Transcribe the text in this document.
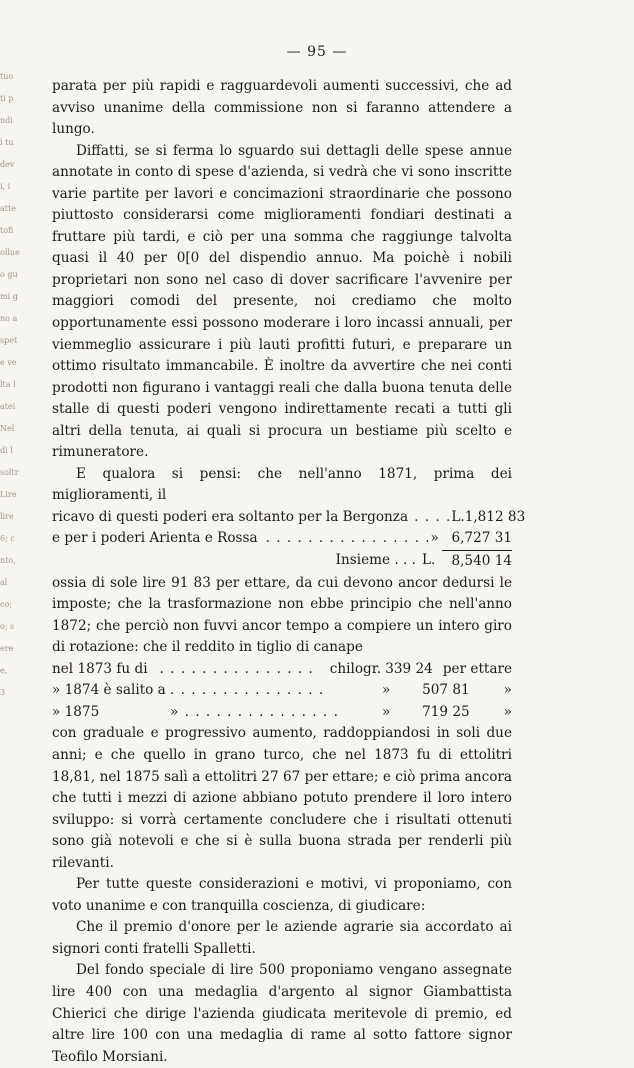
tuo
ti p
ndi
ì tu
dev
i, i
atte
tofi
ollue
o gu
mi g
no a
spet
e ve
lta l
atei
Nel
di l
soltr
Lire
lire
6; c
nto,
al
co;
o; s
ere
e,
3
— 95 —

parata per più rapidi e ragguardevoli aumenti successivi, che ad avviso unanime della commissione non si faranno attendere a lungo.

Diffatti, se si ferma lo sguardo sui dettagli delle spese annue annotate in conto di spese d'azienda, si vedrà che vi sono inscritte varie partite per lavori e concimazioni straordinarie che possono piuttosto considerarsi come miglioramenti fondiari destinati a fruttare più tardi, e ciò per una somma che raggiunge talvolta quasi il 40 per 0[0 del dispendio annuo. Ma poichè i nobili proprietari non sono nel caso di dover sacrificare l'avvenire per maggiori comodi del presente, noi crediamo che molto opportunamente essi possono moderare i loro incassi annuali, per viemmeglio assicurare i più lauti profitti futuri, e preparare un ottimo risultato immancabile. È inoltre da avvertire che nei conti prodotti non figurano i vantaggi reali che dalla buona tenuta delle stalle di questi poderi vengono indirettamente recati a tutti gli altri della tenuta, ai quali si procura un bestiame più scelto e rimuneratore.

E qualora si pensi: che nell'anno 1871, prima dei miglioramenti, il

ricavo di questi poderi era soltanto per la Bergonza . . . . L. 1,812 83
e per i poderi Arienta e Rossa . . . . . . . . . . . . . . . . » 6,727 31
Insieme . . . L.	8,540 14

ossia di sole lire 91 83 per ettare, da cui devono ancor dedursi le imposte; che la trasformazione non ebbe principio che nell'anno 1872; che perciò non fuvvi ancor tempo a compiere un intero giro di rotazione: che il reddito in tiglio di canape

nel 1873 fu di . . . . . . . . . . . . . . .	chilogr. 339 24 per ettare
» 1874 è salito a . . . . . . . . . . . . . . .	»	507 81	»
» 1875	» . . . . . . . . . . . . . . .	»	719 25	»

con graduale e progressivo aumento, raddoppiandosi in soli due anni; e che quello in grano turco, che nel 1873 fu di ettolitri 18,81, nel 1875 salì a ettolitri 27 67 per ettare; e ciò prima ancora che tutti i mezzi di azione abbiano potuto prendere il loro intero sviluppo: si vorrà certamente concludere che i risultati ottenuti sono già notevoli e che si è sulla buona strada per renderli più rilevanti.

Per tutte queste considerazioni e motivi, vi proponiamo, con voto unanime e con tranquilla coscienza, di giudicare:

Che il premio d'onore per le aziende agrarie sia accordato ai signori conti fratelli Spalletti.

Del fondo speciale di lire 500 proponiamo vengano assegnate lire 400 con una medaglia d'argento al signor Giambattista Chierici che dirige l'azienda giudicata meritevole di premio, ed altre lire 100 con una medaglia di rame al sotto fattore signor Teofilo Morsiani.
